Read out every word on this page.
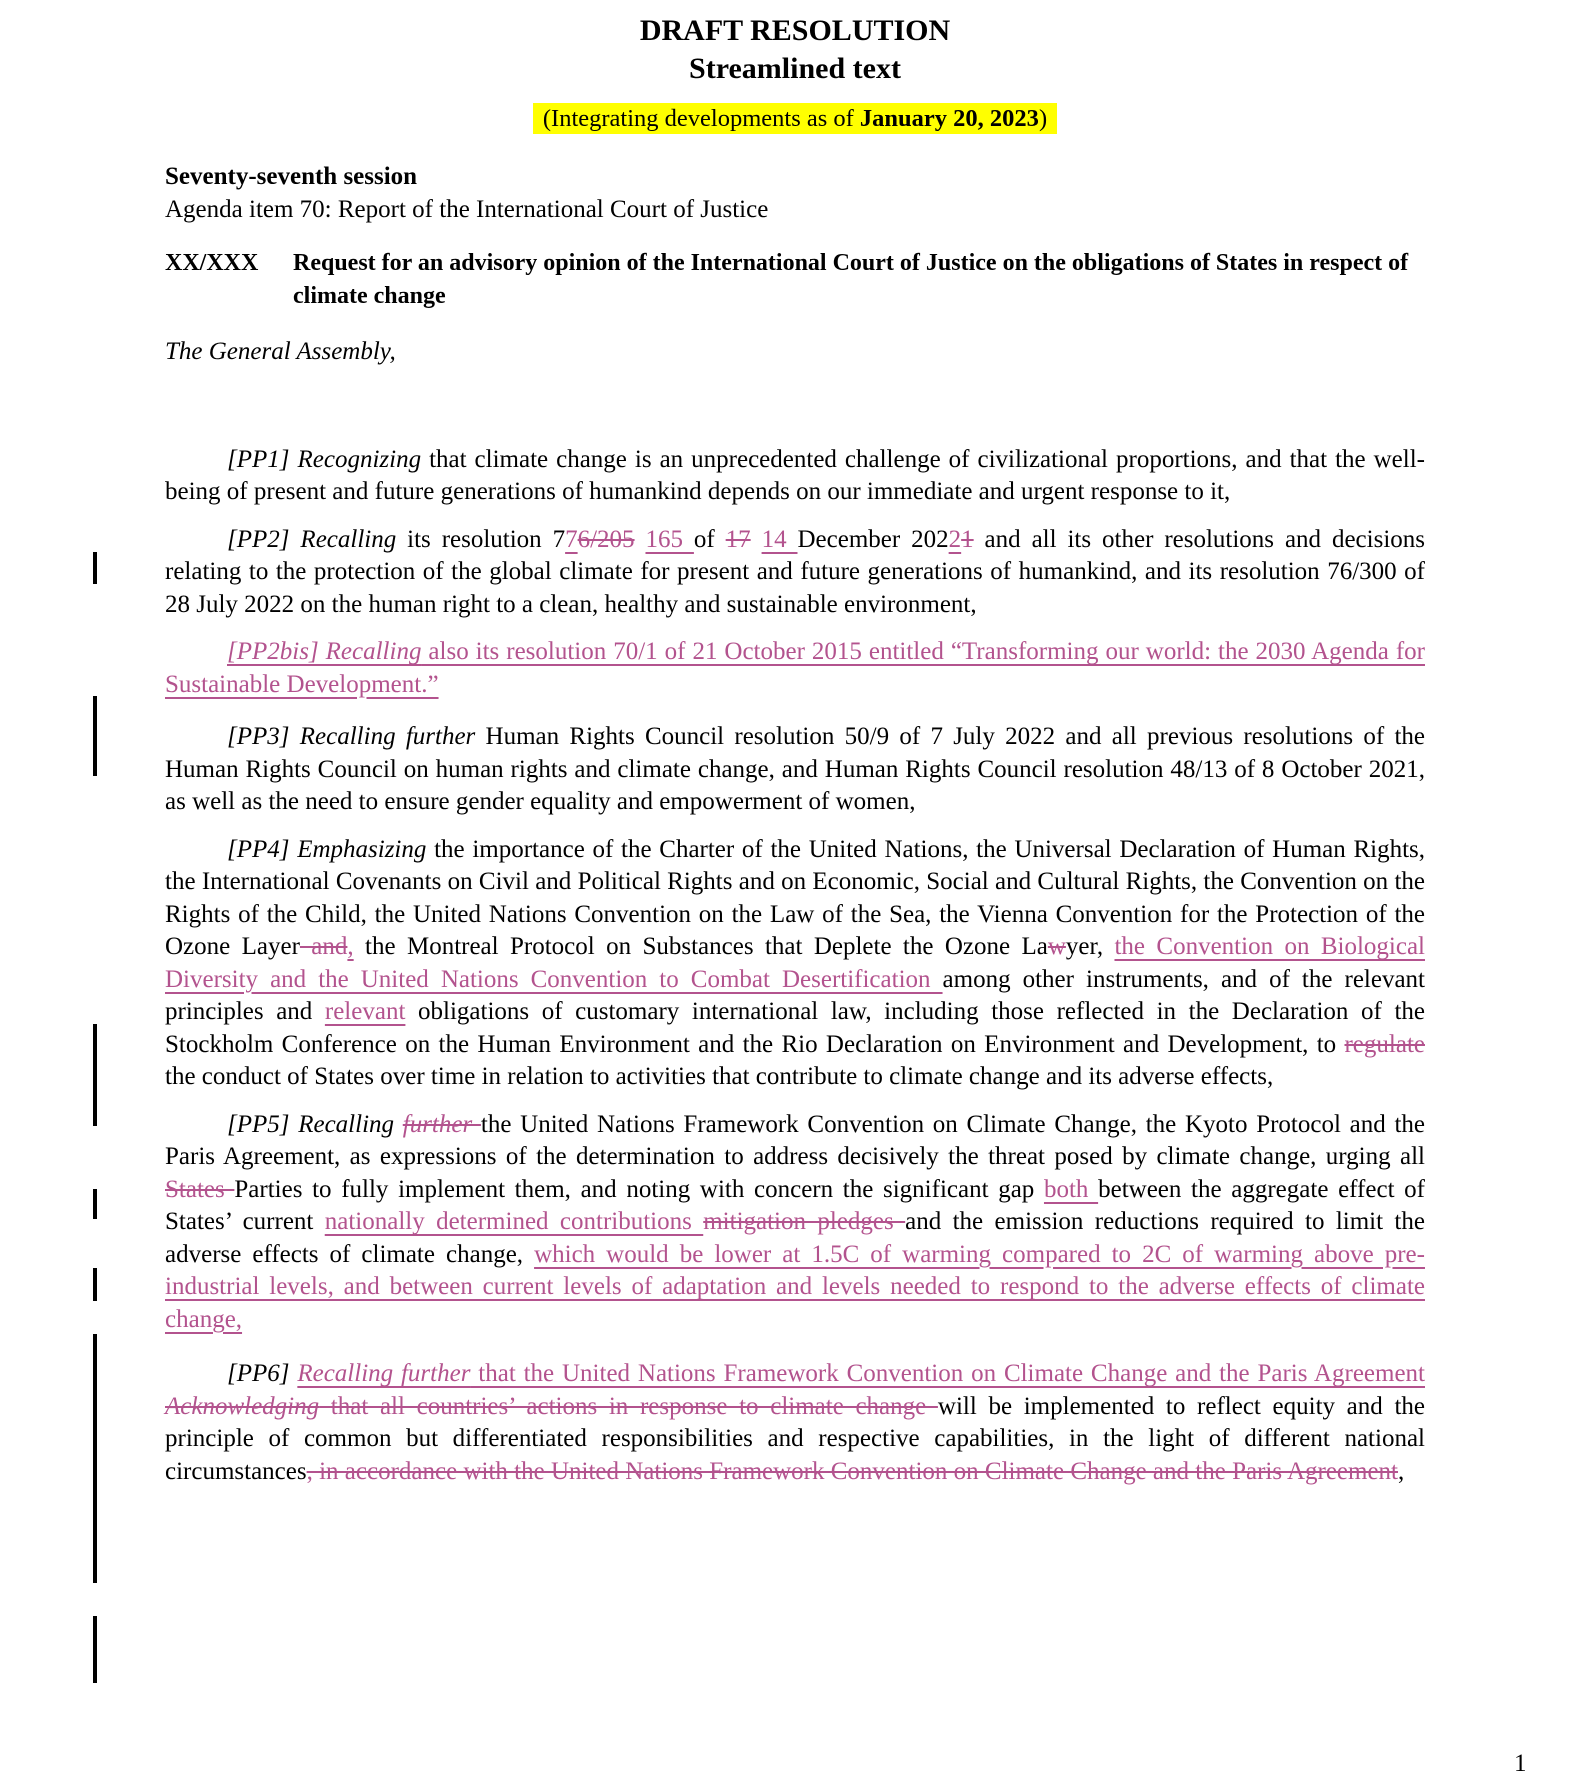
DRAFT RESOLUTION
Streamlined text
(Integrating developments as of January 20, 2023)
Seventy-seventh session
Agenda item 70: Report of the International Court of Justice
XX/XXX Request for an advisory opinion of the International Court of Justice on the obligations of States in respect of climate change
The General Assembly,

[PP1] Recognizing that climate change is an unprecedented challenge of civilizational proportions, and that the well-being of present and future generations of humankind depends on our immediate and urgent response to it,

[PP2] Recalling its resolution 776/205 165 of 17 14 December 20221 and all its other resolutions and decisions relating to the protection of the global climate for present and future generations of humankind, and its resolution 76/300 of 28 July 2022 on the human right to a clean, healthy and sustainable environment,

[PP2bis] Recalling also its resolution 70/1 of 21 October 2015 entitled “Transforming our world: the 2030 Agenda for Sustainable Development.”

[PP3] Recalling further Human Rights Council resolution 50/9 of 7 July 2022 and all previous resolutions of the Human Rights Council on human rights and climate change, and Human Rights Council resolution 48/13 of 8 October 2021, as well as the need to ensure gender equality and empowerment of women,

[PP4] Emphasizing the importance of the Charter of the United Nations, the Universal Declaration of Human Rights, the International Covenants on Civil and Political Rights and on Economic, Social and Cultural Rights, the Convention on the Rights of the Child, the United Nations Convention on the Law of the Sea, the Vienna Convention for the Protection of the Ozone Layer and, the Montreal Protocol on Substances that Deplete the Ozone Lawyer, the Convention on Biological Diversity and the United Nations Convention to Combat Desertification among other instruments, and of the relevant principles and relevant obligations of customary international law, including those reflected in the Declaration of the Stockholm Conference on the Human Environment and the Rio Declaration on Environment and Development, to regulate the conduct of States over time in relation to activities that contribute to climate change and its adverse effects,

[PP5] Recalling further the United Nations Framework Convention on Climate Change, the Kyoto Protocol and the Paris Agreement, as expressions of the determination to address decisively the threat posed by climate change, urging all States Parties to fully implement them, and noting with concern the significant gap both between the aggregate effect of States’ current nationally determined contributions mitigation pledges and the emission reductions required to limit the adverse effects of climate change, which would be lower at 1.5C of warming compared to 2C of warming above pre-industrial levels, and between current levels of adaptation and levels needed to respond to the adverse effects of climate change,

[PP6] Recalling further that the United Nations Framework Convention on Climate Change and the Paris Agreement Acknowledging that all countries’ actions in response to climate change will be implemented to reflect equity and the principle of common but differentiated responsibilities and respective capabilities, in the light of different national circumstances, in accordance with the United Nations Framework Convention on Climate Change and the Paris Agreement,

1
